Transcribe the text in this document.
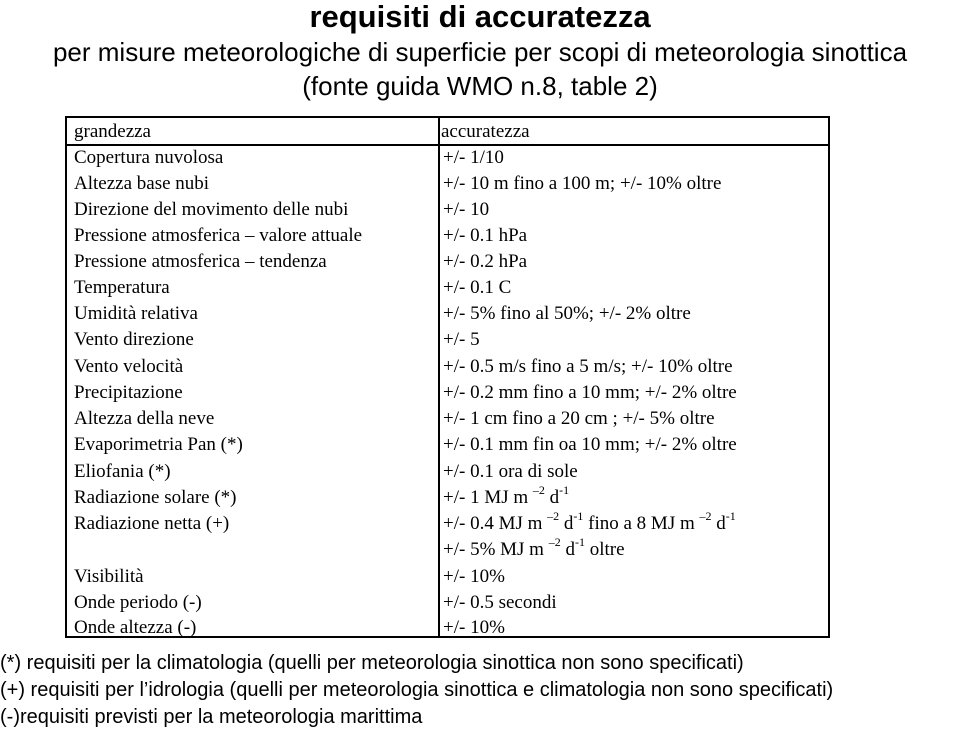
requisiti di accuratezza
per misure meteorologiche di superficie per scopi di meteorologia sinottica
(fonte guida WMO n.8, table 2)
grandezza	accuratezza
Copertura nuvolosa	+/- 1/10
Altezza base nubi	+/- 10 m fino a 100 m; +/- 10% oltre
Direzione del movimento delle nubi	+/- 10
Pressione atmosferica – valore attuale	+/- 0.1 hPa
Pressione atmosferica – tendenza	+/- 0.2 hPa
Temperatura	+/- 0.1 C
Umidità relativa	+/- 5% fino al 50%; +/- 2% oltre
Vento direzione	+/- 5
Vento velocità	+/- 0.5 m/s fino a 5 m/s; +/- 10% oltre
Precipitazione	+/- 0.2 mm fino a 10 mm; +/- 2% oltre
Altezza della neve	+/- 1 cm fino a 20 cm ; +/- 5% oltre
Evaporimetria Pan (*)	+/- 0.1 mm fin oa 10 mm; +/- 2% oltre
Eliofania (*)	+/- 0.1 ora di sole
Radiazione solare (*)	+/- 1 MJ m $^{-2}$ $d^{-1}$
Radiazione netta (+)	+/- 0.4 MJ m $^{-2}$ $d^{-1}$ fino a 8 MJ m $^{-2}$ $d^{-1}$
+/- 5% MJ m $^{-2}$ $d^{-1}$ oltre
Visibilità	+/- 10%
Onde periodo (-)	+/- 0.5 secondi
Onde altezza (-)	+/- 10%
(*) requisiti per la climatologia (quelli per meteorologia sinottica non sono specificati)
(+) requisiti per l’idrologia (quelli per meteorologia sinottica e climatologia non sono specificati)
(-)requisiti previsti per la meteorologia marittima
